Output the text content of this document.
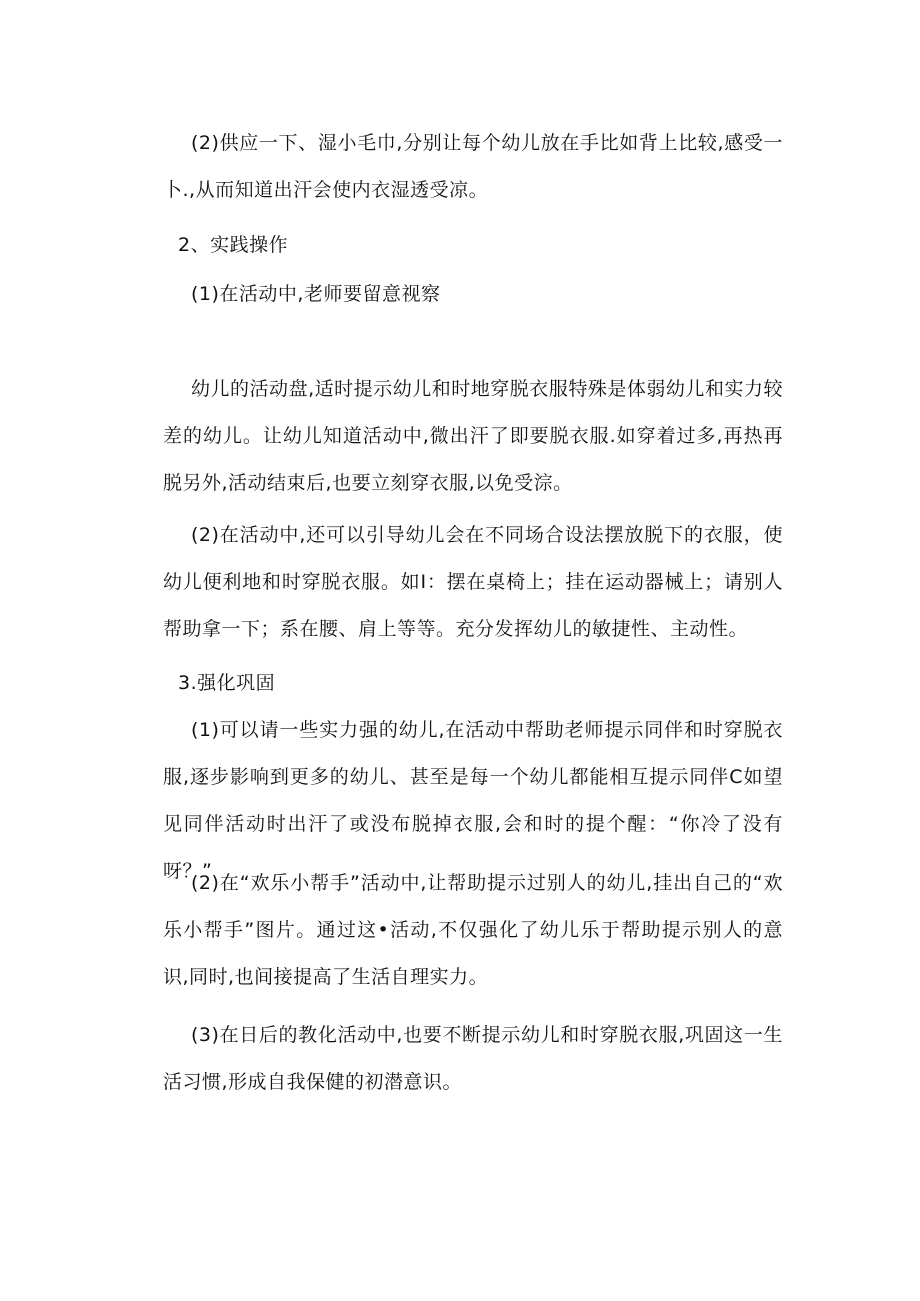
(2)供应一下、湿小毛巾,分别让每个幼儿放在手比如背上比较,感受一卜.,从而知道出汗会使内衣湿透受凉。

2、实践操作

(1)在活动中,老师要留意视察

幼儿的活动盘,适时提示幼儿和时地穿脱衣服特殊是体弱幼儿和实力较差的幼儿。让幼儿知道活动中,微出汗了即要脱衣服.如穿着过多,再热再脱另外,活动结束后,也要立刻穿衣服,以免受淙。

(2)在活动中,还可以引导幼儿会在不同场合设法摆放脱下的衣服，使幼儿便利地和时穿脱衣服。如I：摆在桌椅上；挂在运动器械上；请别人帮助拿一下；系在腰、肩上等等。充分发挥幼儿的敏捷性、主动性。

3.强化巩固

(1)可以请一些实力强的幼儿,在活动中帮助老师提示同伴和时穿脱衣服,逐步影响到更多的幼儿、甚至是每一个幼儿都能相互提示同伴C如望见同伴活动时出汗了或没布脱掉衣服,会和时的提个醒：“你冷了没有呀？”

(2)在“欢乐小帮手”活动中,让帮助提示过别人的幼儿,挂出自己的“欢乐小帮手”图片。通过这•活动,不仅强化了幼儿乐于帮助提示别人的意识,同时,也间接提高了生活自理实力。

(3)在日后的教化活动中,也要不断提示幼儿和时穿脱衣服,巩固这一生活习惯,形成自我保健的初潜意识。
